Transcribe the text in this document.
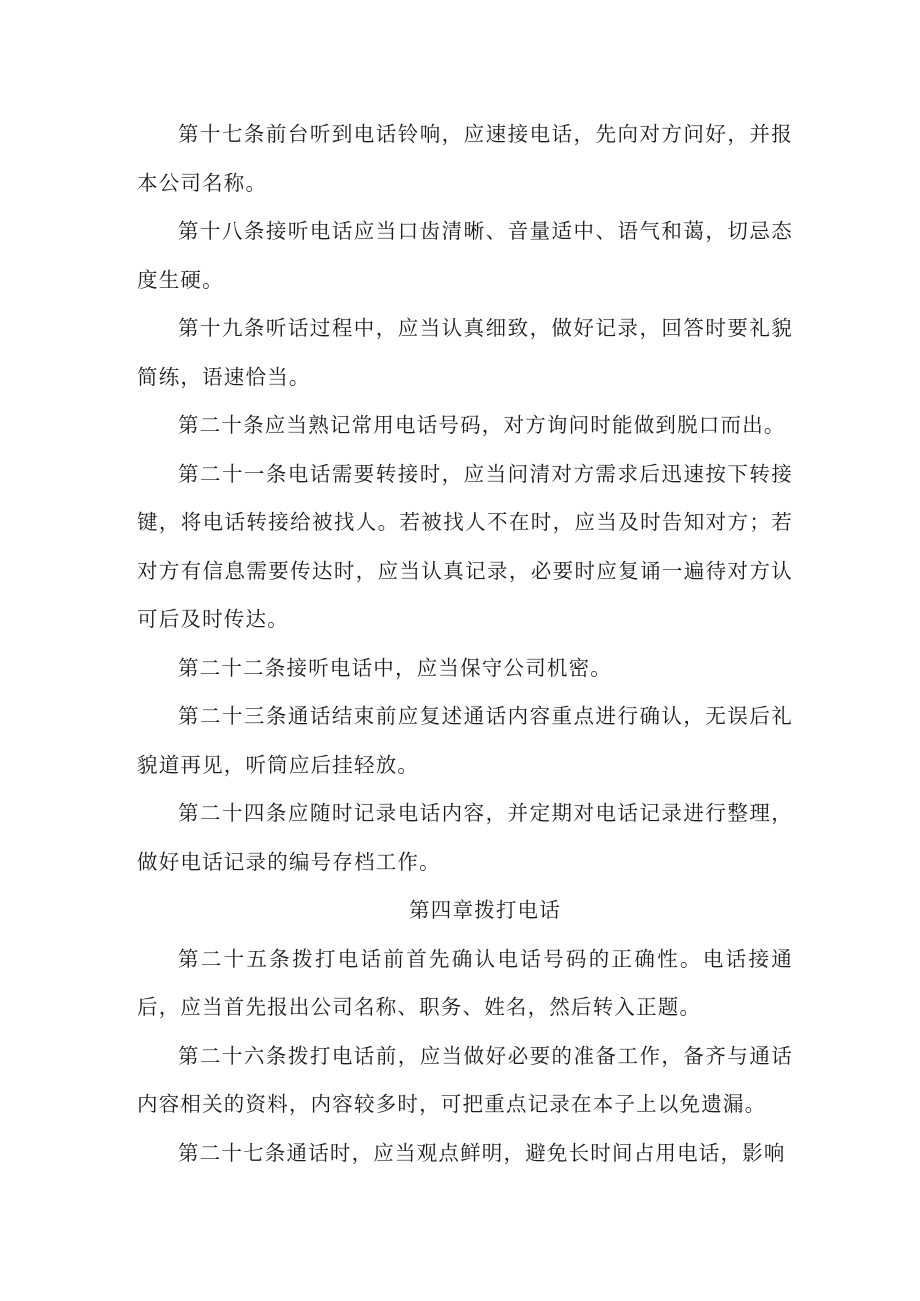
第十七条前台听到电话铃响，应速接电话，先向对方问好，并报本公司名称。

第十八条接听电话应当口齿清晰、音量适中、语气和蔼，切忌态度生硬。

第十九条听话过程中，应当认真细致，做好记录，回答时要礼貌简练，语速恰当。

第二十条应当熟记常用电话号码，对方询问时能做到脱口而出。

第二十一条电话需要转接时，应当问清对方需求后迅速按下转接键，将电话转接给被找人。若被找人不在时，应当及时告知对方；若对方有信息需要传达时，应当认真记录，必要时应复诵一遍待对方认可后及时传达。

第二十二条接听电话中，应当保守公司机密。

第二十三条通话结束前应复述通话内容重点进行确认，无误后礼貌道再见，听筒应后挂轻放。

第二十四条应随时记录电话内容，并定期对电话记录进行整理，做好电话记录的编号存档工作。

第四章拨打电话

第二十五条拨打电话前首先确认电话号码的正确性。电话接通后，应当首先报出公司名称、职务、姓名，然后转入正题。

第二十六条拨打电话前，应当做好必要的准备工作，备齐与通话内容相关的资料，内容较多时，可把重点记录在本子上以免遗漏。

第二十七条通话时，应当观点鲜明，避免长时间占用电话，影响
